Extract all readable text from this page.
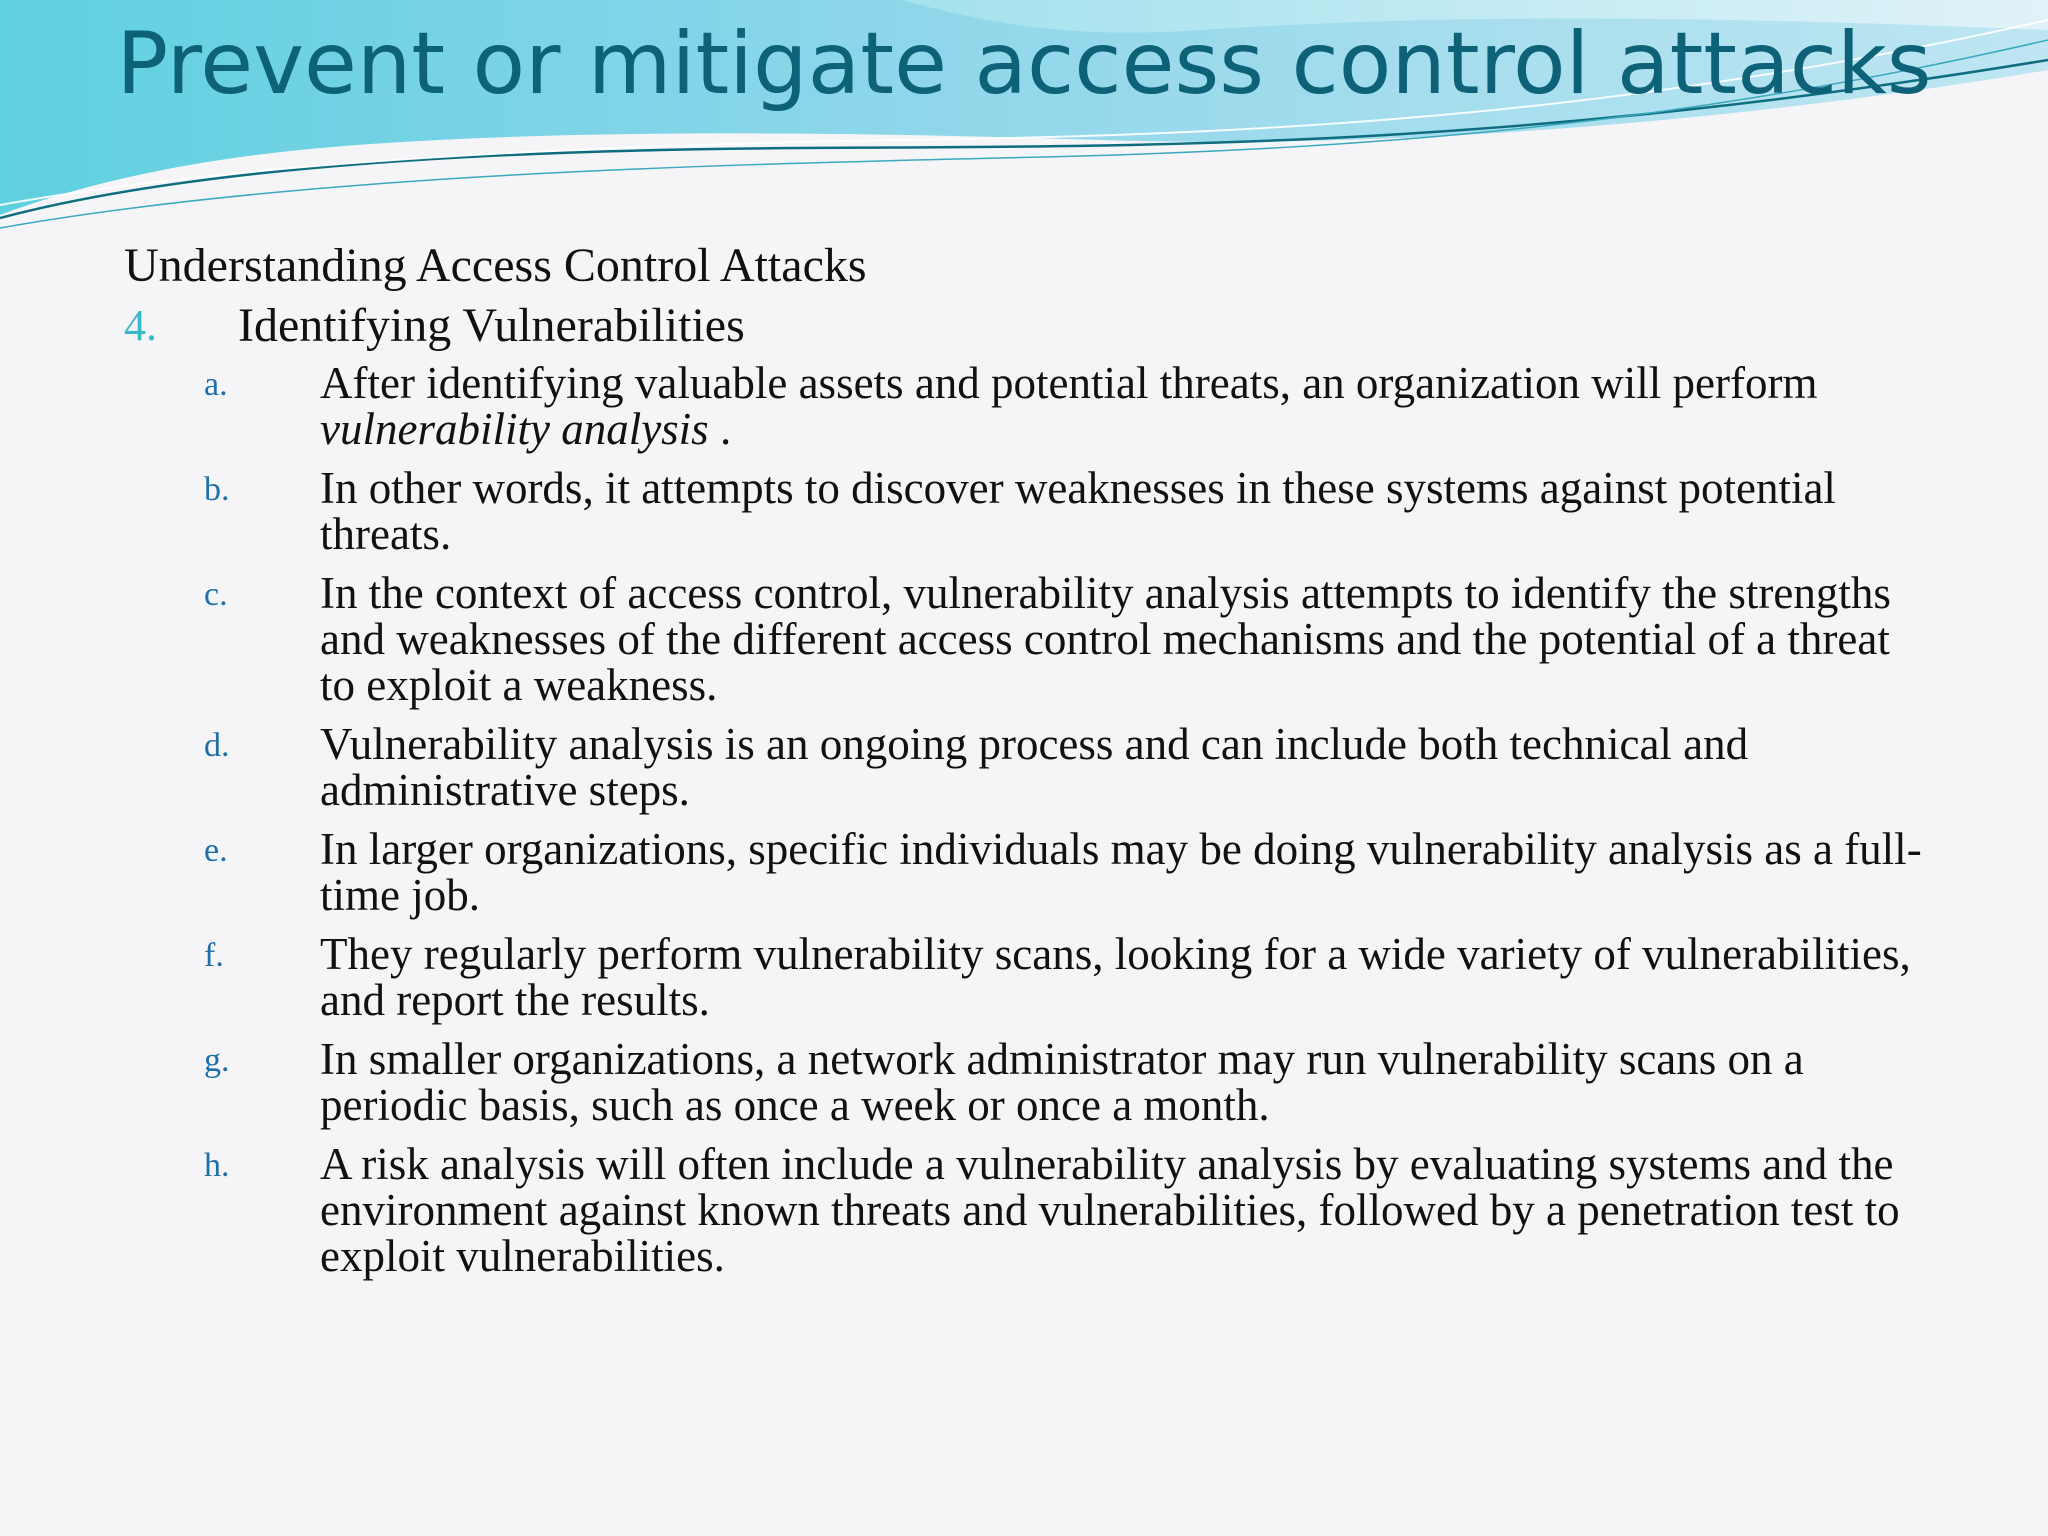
Prevent or mitigate access control attacks
Understanding Access Control Attacks
4. Identifying Vulnerabilities
a. After identifying valuable assets and potential threats, an organization will perform vulnerability analysis .
b. In other words, it attempts to discover weaknesses in these systems against potential threats.
c. In the context of access control, vulnerability analysis attempts to identify the strengths and weaknesses of the different access control mechanisms and the potential of a threat to exploit a weakness.
d. Vulnerability analysis is an ongoing process and can include both technical and administrative steps.
e. In larger organizations, specific individuals may be doing vulnerability analysis as a full-time job.
f. They regularly perform vulnerability scans, looking for a wide variety of vulnerabilities, and report the results.
g. In smaller organizations, a network administrator may run vulnerability scans on a periodic basis, such as once a week or once a month.
h. A risk analysis will often include a vulnerability analysis by evaluating systems and the environment against known threats and vulnerabilities, followed by a penetration test to exploit vulnerabilities.
